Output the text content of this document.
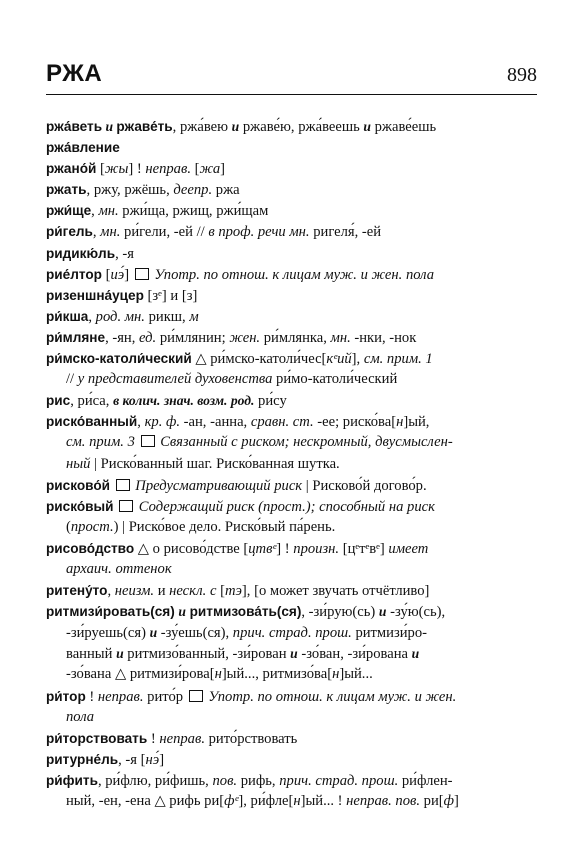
РЖА	898
ржа́веть и ржаве́ть, ржа́вею и ржаве́ю, ржа́веешь и ржаве́ешь
ржа́вление
ржано́й [жы] ! неправ. [жа]
ржать, ржу, ржёшь, деепр. ржа
ржи́ще, мн. ржи́ща, ржищ, ржи́щам
ри́гель, мн. ри́гели, -ей // в проф. речи мн. ригеля́, -ей
ридикю́ль, -я
рие́лтор [иэ́]  Употр. по отнош. к лицам муж. и жен. пола
ризеншна́уцер [зᵉ] и [з]
ри́кша, род. мн. рикш, м
ри́мляне, -ян, ед. ри́млянин; жен. ри́млянка, мн. -нки, -нок
ри́мско-католи́ческий △ ри́мско-католи́чес[кᵉий], см. прим. 1
// у представителей духовенства ри́мо-католи́ческий
рис, ри́са, в колич. знач. возм. род. ри́су
риско́ванный, кр. ф. -ан, -анна, сравн. ст. -ее; риско́ва[н]ый,
см. прим. 3  Связанный с риском; нескромный, двусмыслен-
ный | Риско́ванный шаг. Риско́ванная шутка.
рисково́й  Предусматривающий риск | Рисково́й догово́р.
риско́вый  Содержащий риск (прост.); способный на риск
(прост.) | Риско́вое дело. Риско́вый па́рень.
рисово́дство △ о рисово́дстве [цтвᵉ] ! произн. [цᵉтᵉвᵉ] имеет
архаич. оттенок
ритену́то, неизм. и нескл. с [тэ], [о может звучать отчётливо]
ритмизи́ровать(ся) и ритмизова́ть(ся), -зи́рую(сь) и -зу́ю(сь),
-зи́руешь(ся) и -зу́ешь(ся), прич. страд. прош. ритмизи́ро-
ванный и ритмизо́ванный, -зи́рован и -зо́ван, -зи́рована и
-зо́вана △ ритмизи́рова[н]ый..., ритмизо́ва[н]ый...
ри́тор ! неправ. рито́р  Употр. по отнош. к лицам муж. и жен.
пола
ри́торствовать ! неправ. рито́рствовать
ритурне́ль, -я [нэ́]
ри́фить, ри́флю, ри́фишь, пов. рифь, прич. страд. прош. ри́флен-
ный, -ен, -ена △ рифь ри[фᵉ], ри́фле[н]ый... ! неправ. пов. ри[ф]
